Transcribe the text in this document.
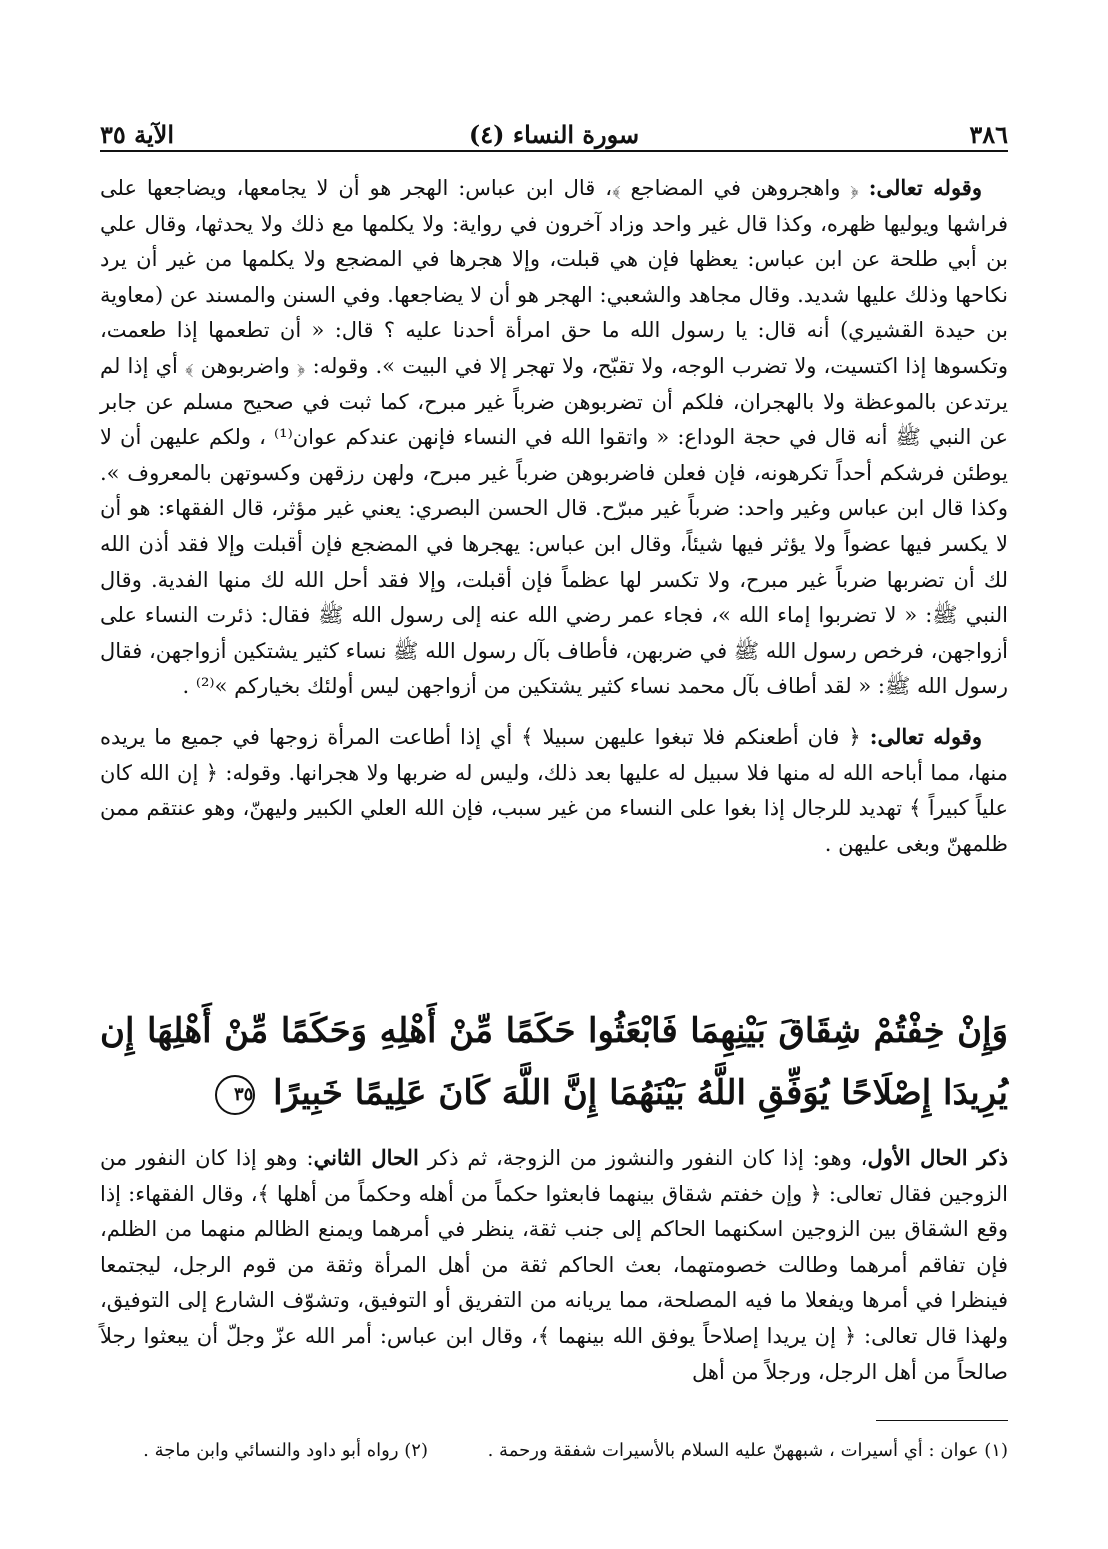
الآية ٣٥	(٤) سورة النساء	٣٨٦

وقوله تعالى: ﴿ واهجروهن في المضاجع ﴾، قال ابن عباس: الهجر هو أن لا يجامعها، ويضاجعها على فراشها ويوليها ظهره، وكذا قال غير واحد وزاد آخرون في رواية: ولا يكلمها مع ذلك ولا يحدثها، وقال علي بن أبي طلحة عن ابن عباس: يعظها فإن هي قبلت، وإلا هجرها في المضجع ولا يكلمها من غير أن يرد نكاحها وذلك عليها شديد. وقال مجاهد والشعبي: الهجر هو أن لا يضاجعها. وفي السنن والمسند عن (معاوية بن حيدة القشيري) أنه قال: يا رسول الله ما حق امرأة أحدنا عليه ؟ قال: « أن تطعمها إذا طعمت، وتكسوها إذا اكتسيت، ولا تضرب الوجه، ولا تقبّح، ولا تهجر إلا في البيت ». وقوله: ﴿ واضربوهن ﴾ أي إذا لم يرتدعن بالموعظة ولا بالهجران، فلكم أن تضربوهن ضرباً غير مبرح، كما ثبت في صحيح مسلم عن جابر عن النبي ﷺ أنه قال في حجة الوداع: « واتقوا الله في النساء فإنهن عندكم عوان⁽¹⁾ ، ولكم عليهن أن لا يوطئن فرشكم أحداً تكرهونه، فإن فعلن فاضربوهن ضرباً غير مبرح، ولهن رزقهن وكسوتهن بالمعروف ». وكذا قال ابن عباس وغير واحد: ضرباً غير مبرّح. قال الحسن البصري: يعني غير مؤثر، قال الفقهاء: هو أن لا يكسر فيها عضواً ولا يؤثر فيها شيئاً، وقال ابن عباس: يهجرها في المضجع فإن أقبلت وإلا فقد أذن الله لك أن تضربها ضرباً غير مبرح، ولا تكسر لها عظماً فإن أقبلت، وإلا فقد أحل الله لك منها الفدية. وقال النبي ﷺ: « لا تضربوا إماء الله »، فجاء عمر رضي الله عنه إلى رسول الله ﷺ فقال: ذئرت النساء على أزواجهن، فرخص رسول الله ﷺ في ضربهن، فأطاف بآل رسول الله ﷺ نساء كثير يشتكين أزواجهن، فقال رسول الله ﷺ: « لقد أطاف بآل محمد نساء كثير يشتكين من أزواجهن ليس أولئك بخياركم »⁽²⁾ .

وقوله تعالى: ﴿ فان أطعنكم فلا تبغوا عليهن سبيلا ﴾ أي إذا أطاعت المرأة زوجها في جميع ما يريده منها، مما أباحه الله له منها فلا سبيل له عليها بعد ذلك، وليس له ضربها ولا هجرانها. وقوله: ﴿ إن الله كان علياً كبيراً ﴾ تهديد للرجال إذا بغوا على النساء من غير سبب، فإن الله العلي الكبير وليهنّ، وهو عنتقم ممن ظلمهنّ وبغى عليهن .

وَإِنْ خِفْتُمْ شِقَاقَ بَيْنِهِمَا فَابْعَثُوا حَكَمًا مِّنْ أَهْلِهِ وَحَكَمًا مِّنْ أَهْلِهَا إِن يُرِيدَا إِصْلَاحًا يُوَفِّقِ اللَّهُ بَيْنَهُمَا إِنَّ اللَّهَ كَانَ عَلِيمًا خَبِيرًا ٣٥

ذكر الحال الأول، وهو: إذا كان النفور والنشوز من الزوجة، ثم ذكر الحال الثاني: وهو إذا كان النفور من الزوجين فقال تعالى: ﴿ وإن خفتم شقاق بينهما فابعثوا حكماً من أهله وحكماً من أهلها ﴾، وقال الفقهاء: إذا وقع الشقاق بين الزوجين اسكنهما الحاكم إلى جنب ثقة، ينظر في أمرهما ويمنع الظالم منهما من الظلم، فإن تفاقم أمرهما وطالت خصومتهما، بعث الحاكم ثقة من أهل المرأة وثقة من قوم الرجل، ليجتمعا فينظرا في أمرها ويفعلا ما فيه المصلحة، مما يريانه من التفريق أو التوفيق، وتشوّف الشارع إلى التوفيق، ولهذا قال تعالى: ﴿ إن يريدا إصلاحاً يوفق الله بينهما ﴾، وقال ابن عباس: أمر الله عزّ وجلّ أن يبعثوا رجلاً صالحاً من أهل الرجل، ورجلاً من أهل

(١) عوان : أي أسيرات ، شبههنّ عليه السلام بالأسيرات شفقة ورحمة .
(٢) رواه أبو داود والنسائي وابن ماجة .
